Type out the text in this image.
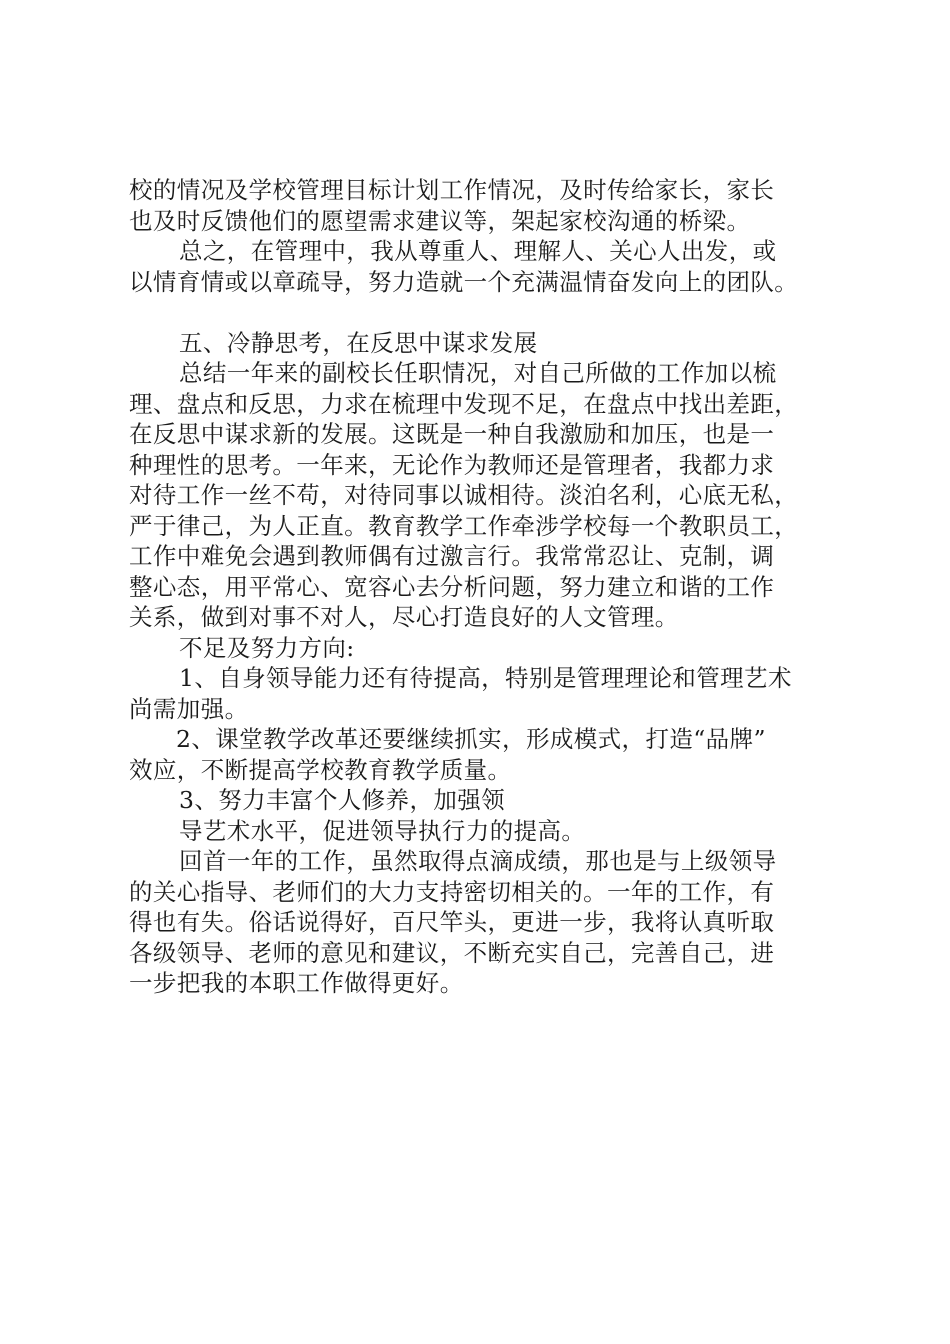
校的情况及学校管理目标计划工作情况，及时传给家长，家长
也及时反馈他们的愿望需求建议等，架起家校沟通的桥梁。
总之，在管理中，我从尊重人、理解人、关心人出发，或
以情育情或以章疏导，努力造就一个充满温情奋发向上的团队。
五、冷静思考，在反思中谋求发展
总结一年来的副校长任职情况，对自己所做的工作加以梳
理、盘点和反思，力求在梳理中发现不足，在盘点中找出差距，
在反思中谋求新的发展。这既是一种自我激励和加压，也是一
种理性的思考。一年来，无论作为教师还是管理者，我都力求
对待工作一丝不苟，对待同事以诚相待。淡泊名利，心底无私，
严于律己，为人正直。教育教学工作牵涉学校每一个教职员工，
工作中难免会遇到教师偶有过激言行。我常常忍让、克制，调
整心态，用平常心、宽容心去分析问题，努力建立和谐的工作
关系，做到对事不对人，尽心打造良好的人文管理。
不足及努力方向:
1、自身领导能力还有待提高，特别是管理理论和管理艺术
尚需加强。
2、课堂教学改革还要继续抓实，形成模式，打造“品牌”
效应，不断提高学校教育教学质量。
3、努力丰富个人修养，加强领
导艺术水平，促进领导执行力的提高。
回首一年的工作，虽然取得点滴成绩，那也是与上级领导
的关心指导、老师们的大力支持密切相关的。一年的工作，有
得也有失。俗话说得好，百尺竿头，更进一步，我将认真听取
各级领导、老师的意见和建议，不断充实自己，完善自己，进
一步把我的本职工作做得更好。
